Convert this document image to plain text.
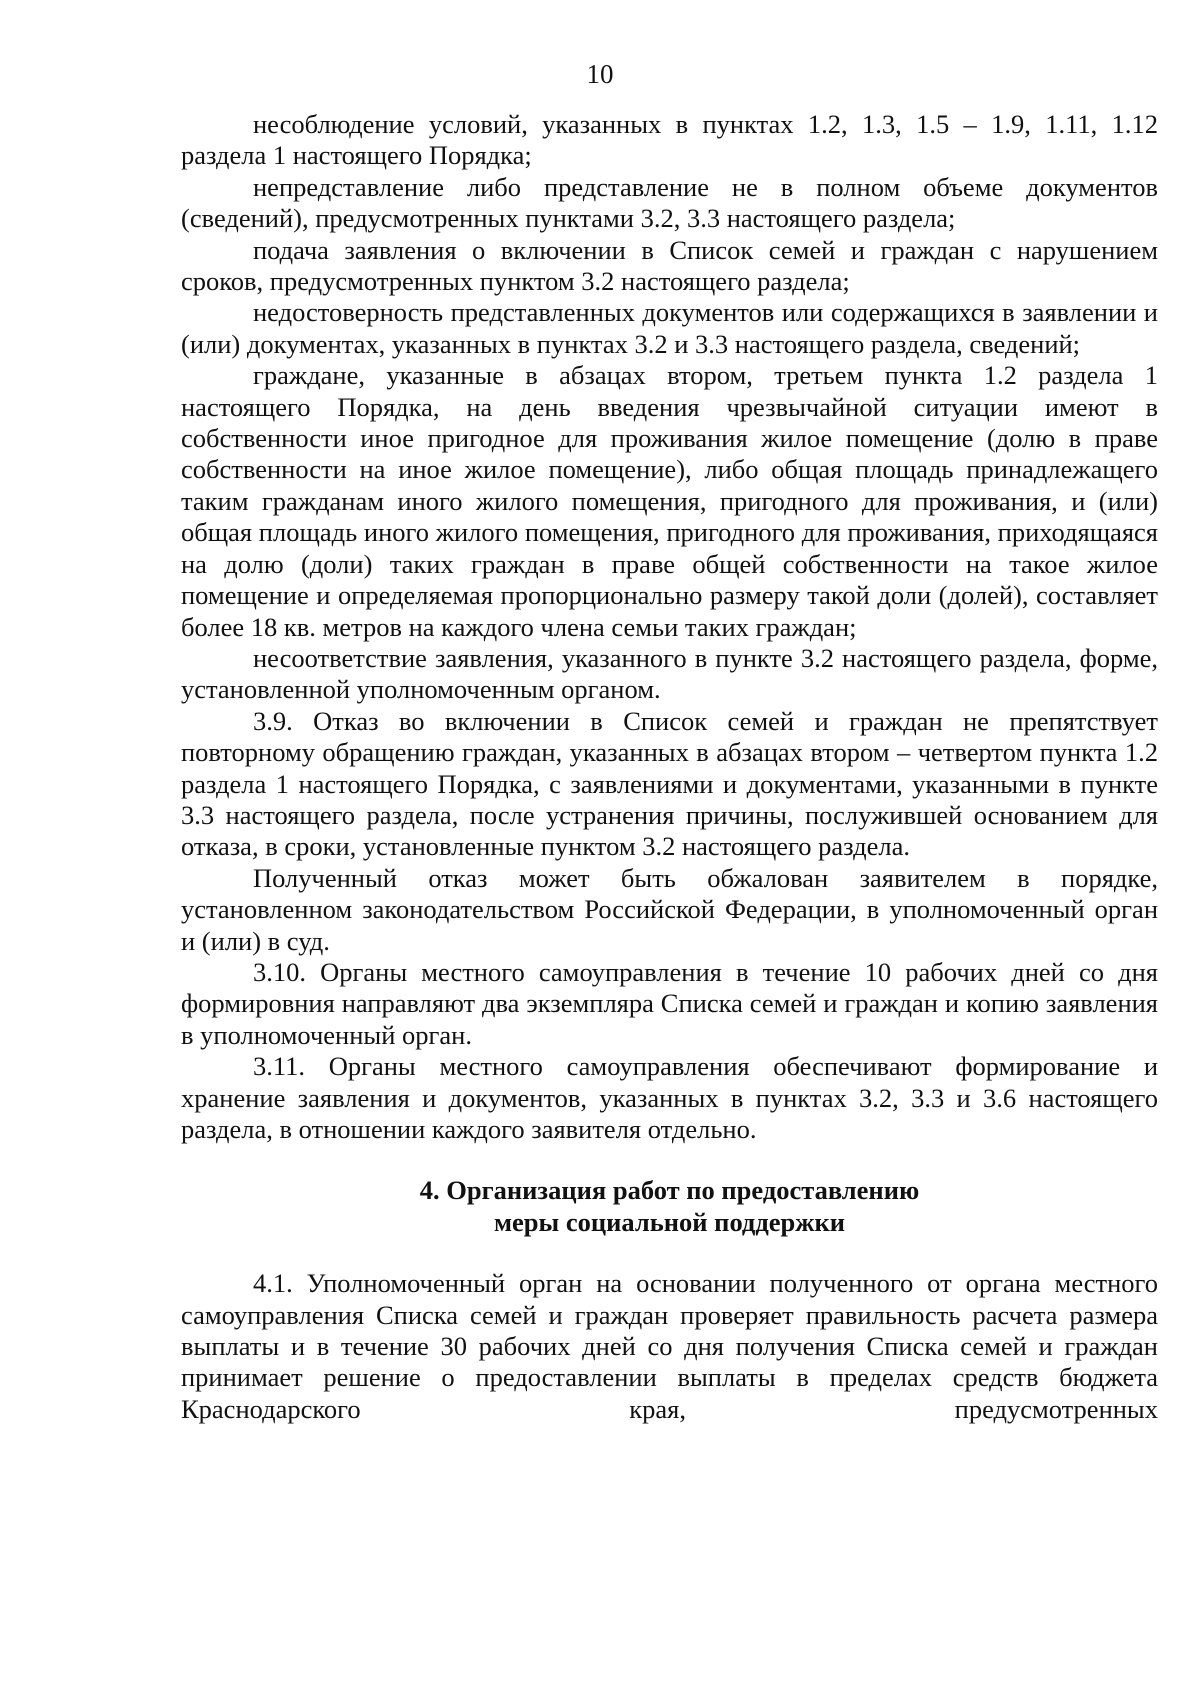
10

несоблюдение условий, указанных в пунктах 1.2, 1.3, 1.5 – 1.9, 1.11, 1.12 раздела 1 настоящего Порядка;

непредставление либо представление не в полном объеме документов (сведений), предусмотренных пунктами 3.2, 3.3 настоящего раздела;

подача заявления о включении в Список семей и граждан с нарушением сроков, предусмотренных пунктом 3.2 настоящего раздела;

недостоверность представленных документов или содержащихся в заявлении и (или) документах, указанных в пунктах 3.2 и 3.3 настоящего раздела, сведений;

граждане, указанные в абзацах втором, третьем пункта 1.2 раздела 1 настоящего Порядка, на день введения чрезвычайной ситуации имеют в собственности иное пригодное для проживания жилое помещение (долю в праве собственности на иное жилое помещение), либо общая площадь принадлежащего таким гражданам иного жилого помещения, пригодного для проживания, и (или) общая площадь иного жилого помещения, пригодного для проживания, приходящаяся на долю (доли) таких граждан в праве общей собственности на такое жилое помещение и определяемая пропорционально размеру такой доли (долей), составляет более 18 кв. метров на каждого члена семьи таких граждан;

несоответствие заявления, указанного в пункте 3.2 настоящего раздела, форме, установленной уполномоченным органом.

3.9. Отказ во включении в Список семей и граждан не препятствует повторному обращению граждан, указанных в абзацах втором – четвертом пункта 1.2 раздела 1 настоящего Порядка, с заявлениями и документами, указанными в пункте 3.3 настоящего раздела, после устранения причины, послужившей основанием для отказа, в сроки, установленные пунктом 3.2 настоящего раздела.

Полученный отказ может быть обжалован заявителем в порядке, установленном законодательством Российской Федерации, в уполномоченный орган и (или) в суд.

3.10. Органы местного самоуправления в течение 10 рабочих дней со дня формировния направляют два экземпляра Списка семей и граждан и копию заявления в уполномоченный орган.

3.11. Органы местного самоуправления обеспечивают формирование и хранение заявления и документов, указанных в пунктах 3.2, 3.3 и 3.6 настоящего раздела, в отношении каждого заявителя отдельно.

4. Организация работ по предоставлению
меры социальной поддержки

4.1. Уполномоченный орган на основании полученного от органа местного самоуправления Списка семей и граждан проверяет правильность расчета размера выплаты и в течение 30 рабочих дней со дня получения Списка семей и граждан принимает решение о предоставлении выплаты в пределах средств бюджета Краснодарского края, предусмотренных
